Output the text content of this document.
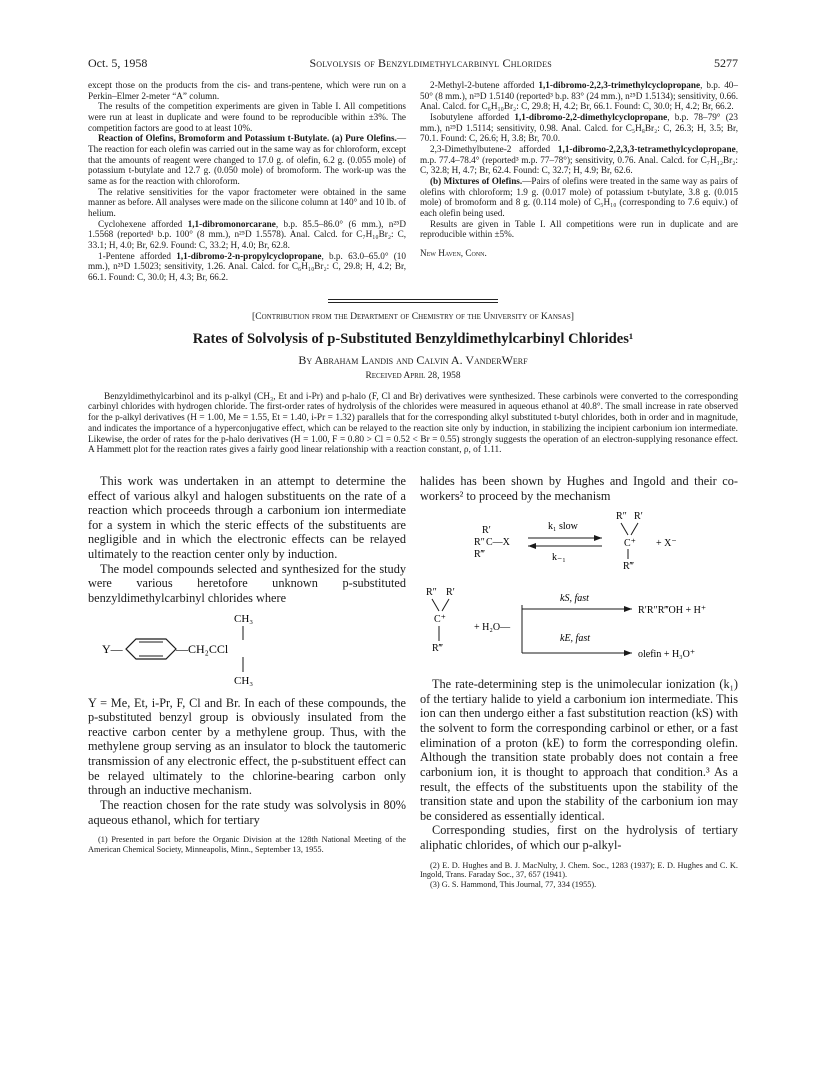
Oct. 5, 1958	Solvolysis of Benzyldimethylcarbinyl Chlorides	5277

except those on the products from the cis- and trans-pentene, which were run on a Perkin–Elmer 2-meter “A” column.

The results of the competition experiments are given in Table I. All competitions were run at least in duplicate and were found to be reproducible within ±3%. The competition factors are good to at least 10%.

Reaction of Olefins, Bromoform and Potassium t-Butylate. (a) Pure Olefins.—The reaction for each olefin was carried out in the same way as for chloroform, except that the amounts of reagent were changed to 17.0 g. of olefin, 6.2 g. (0.055 mole) of potassium t-butylate and 12.7 g. (0.050 mole) of bromoform. The work-up was the same as for the reaction with chloroform.

The relative sensitivities for the vapor fractometer were obtained in the same manner as before. All analyses were made on the silicone column at 140° and 10 lb. of helium.

Cyclohexene afforded 1,1-dibromonorcarane, b.p. 85.5–86.0° (6 mm.), n²⁵D 1.5568 (reported¹ b.p. 100° (8 mm.), n²⁵D 1.5578). Anal. Calcd. for C₇H₁₀Br₂: C, 33.1; H, 4.0; Br, 62.9. Found: C, 33.2; H, 4.0; Br, 62.8.

1-Pentene afforded 1,1-dibromo-2-n-propylcyclopropane, b.p. 63.0–65.0° (10 mm.), n²⁵D 1.5023; sensitivity, 1.26. Anal. Calcd. for C₆H₁₀Br₂: C, 29.8; H, 4.2; Br, 66.1. Found: C, 30.0; H, 4.3; Br, 66.2.

2-Methyl-2-butene afforded 1,1-dibromo-2,2,3-trimethylcyclopropane, b.p. 40–50° (8 mm.), n²⁵D 1.5140 (reported³ b.p. 83° (24 mm.), n²⁵D 1.5134); sensitivity, 0.66. Anal. Calcd. for C₆H₁₀Br₂: C, 29.8; H, 4.2; Br, 66.1. Found: C, 30.0; H, 4.2; Br, 66.2.

Isobutylene afforded 1,1-dibromo-2,2-dimethylcyclopropane, b.p. 78–79° (23 mm.), n²⁵D 1.5114; sensitivity, 0.98. Anal. Calcd. for C₅H₈Br₂: C, 26.3; H, 3.5; Br, 70.1. Found: C, 26.6; H, 3.8; Br, 70.0.

2,3-Dimethylbutene-2 afforded 1,1-dibromo-2,2,3,3-tetramethylcyclopropane, m.p. 77.4–78.4° (reported³ m.p. 77–78°); sensitivity, 0.76. Anal. Calcd. for C₇H₁₂Br₂: C, 32.8; H, 4.7; Br, 62.4. Found: C, 32.7; H, 4.9; Br, 62.6.

(b) Mixtures of Olefins.—Pairs of olefins were treated in the same way as pairs of olefins with chloroform; 1.9 g. (0.017 mole) of potassium t-butylate, 3.8 g. (0.015 mole) of bromoform and 8 g. (0.114 mole) of C₅H₁₀ (corresponding to 7.6 equiv.) of each olefin being used.

Results are given in Table I. All competitions were run in duplicate and are reproducible within ±5%.

New Haven, Conn.
[Contribution from the Department of Chemistry of the University of Kansas]
Rates of Solvolysis of p-Substituted Benzyldimethylcarbinyl Chlorides¹
By Abraham Landis and Calvin A. VanderWerf
Received April 28, 1958
Benzyldimethylcarbinol and its p-alkyl (CH₃, Et and i-Pr) and p-halo (F, Cl and Br) derivatives were synthesized. These carbinols were converted to the corresponding carbinyl chlorides with hydrogen chloride. The first-order rates of hydrolysis of the chlorides were measured in aqueous ethanol at 40.8°. The small increase in rate observed for the p-alkyl derivatives (H = 1.00, Me = 1.55, Et = 1.40, i-Pr = 1.32) parallels that for the corresponding alkyl substituted t-butyl chlorides, both in order and in magnitude, and indicates the importance of a hyperconjugative effect, which can be relayed to the reaction site only by induction, in stabilizing the incipient carbonium ion intermediate. Likewise, the order of rates for the p-halo derivatives (H = 1.00, F = 0.80 > Cl = 0.52 < Br = 0.55) strongly suggests the operation of an electron-supplying resonance effect. A Hammett plot for the reaction rates gives a fairly good linear relationship with a reaction constant, ρ, of 1.11.

This work was undertaken in an attempt to determine the effect of various alkyl and halogen substituents on the rate of a reaction which proceeds through a carbonium ion intermediate for a system in which the steric effects of the substituents are negligible and in which the electronic effects can be relayed ultimately to the reaction center only by induction.

The model compounds selected and synthesized for the study were various heretofore unknown p-substituted benzyldimethylcarbinyl chlorides where

CH₃
Y—	—CH₂CCl
CH₃

Y = Me, Et, i-Pr, F, Cl and Br. In each of these compounds, the p-substituted benzyl group is obviously insulated from the reactive carbon center by a methylene group. Thus, with the methylene group serving as an insulator to block the tautomeric transmission of any electronic effect, the p-substituent effect can be relayed ultimately to the chlorine-bearing carbon only through an inductive mechanism.

The reaction chosen for the rate study was solvolysis in 80% aqueous ethanol, which for tertiary

(1) Presented in part before the Organic Division at the 128th National Meeting of the American Chemical Society, Minneapolis, Minn., September 13, 1955.

halides has been shown by Hughes and Ingold and their co-workers² to proceed by the mechanism

R′
R″ C—X
R‴
k₁ slow
k₋₁
R″ R′
C⁺
R‴
+ X⁻
R″ R′
C⁺
R‴
+ H₂O—
kS, fast
R′R″R‴OH + H⁺
kE, fast
olefin + H₃O⁺

The rate-determining step is the unimolecular ionization (k₁) of the tertiary halide to yield a carbonium ion intermediate. This ion can then undergo either a fast substitution reaction (kS) with the solvent to form the corresponding carbinol or ether, or a fast elimination of a proton (kE) to form the corresponding olefin. Although the transition state probably does not contain a free carbonium ion, it is thought to approach that condition.³ As a result, the effects of the substituents upon the stability of the transition state and upon the stability of the carbonium ion may be considered as essentially identical.

Corresponding studies, first on the hydrolysis of tertiary aliphatic chlorides, of which our p-alkyl-

(2) E. D. Hughes and B. J. MacNulty, J. Chem. Soc., 1283 (1937); E. D. Hughes and C. K. Ingold, Trans. Faraday Soc., 37, 657 (1941).

(3) G. S. Hammond, This Journal, 77, 334 (1955).
